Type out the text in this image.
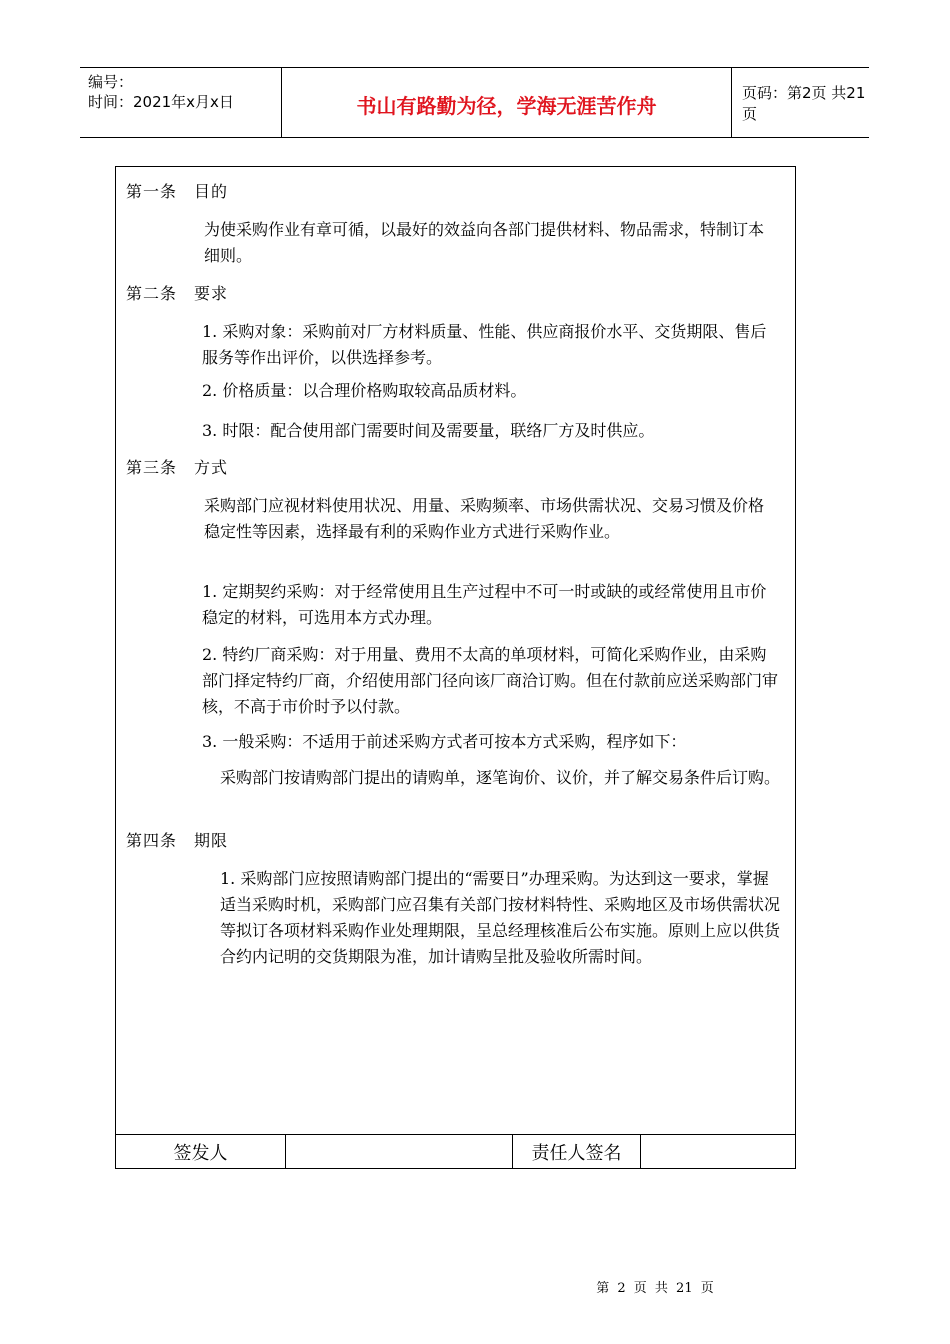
编号：
时间：2021年x月x日	书山有路勤为径，学海无涯苦作舟
页码：第2页 共21页
第一条　目的
为使采购作业有章可循，以最好的效益向各部门提供材料、物品需求，特制订本细则。
第二条　要求
1. 采购对象：采购前对厂方材料质量、性能、供应商报价水平、交货期限、售后服务等作出评价，以供选择参考。
2. 价格质量：以合理价格购取较高品质材料。
3. 时限：配合使用部门需要时间及需要量，联络厂方及时供应。
第三条　方式
采购部门应视材料使用状况、用量、采购频率、市场供需状况、交易习惯及价格稳定性等因素，选择最有利的采购作业方式进行采购作业。
1. 定期契约采购：对于经常使用且生产过程中不可一时或缺的或经常使用且市价稳定的材料，可选用本方式办理。
2. 特约厂商采购：对于用量、费用不太高的单项材料，可简化采购作业，由采购部门择定特约厂商，介绍使用部门径向该厂商洽订购。但在付款前应送采购部门审核，不高于市价时予以付款。
3. 一般采购：不适用于前述采购方式者可按本方式采购，程序如下：
采购部门按请购部门提出的请购单，逐笔询价、议价，并了解交易条件后订购。
第四条　期限
1. 采购部门应按照请购部门提出的“需要日”办理采购。为达到这一要求，掌握适当采购时机，采购部门应召集有关部门按材料特性、采购地区及市场供需状况等拟订各项材料采购作业处理期限，呈总经理核准后公布实施。原则上应以供货合约内记明的交货期限为准，加计请购呈批及验收所需时间。
签发人	责任人签名
第 2 页 共 21 页
